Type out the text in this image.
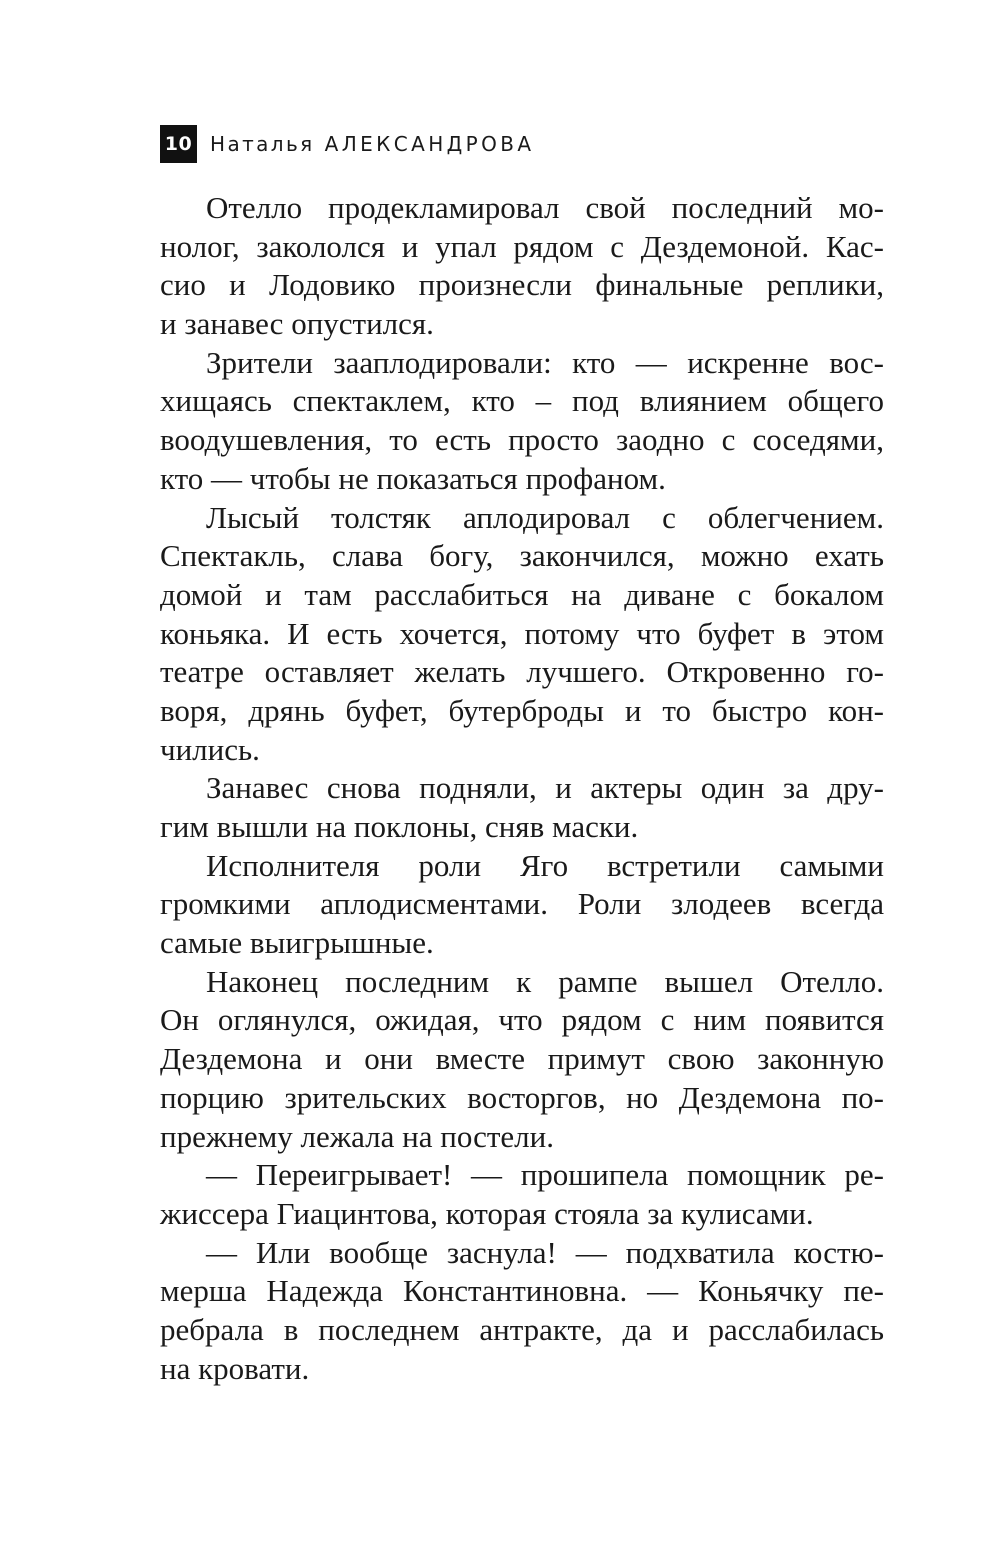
10 Наталья АЛЕКСАНДРОВА
Отелло продекламировал свой последний мо-
нолог, закололся и упал рядом с Дездемоной. Кас-
сио и Лодовико произнесли финальные реплики,
и занавес опустился.
Зрители зааплодировали: кто — искренне вос-
хищаясь спектаклем, кто – под влиянием общего
воодушевления, то есть просто заодно с соседями,
кто — чтобы не показаться профаном.
Лысый толстяк аплодировал с облегчением.
Спектакль, слава богу, закончился, можно ехать
домой и там расслабиться на диване с бокалом
коньяка. И есть хочется, потому что буфет в этом
театре оставляет желать лучшего. Откровенно го-
воря, дрянь буфет, бутерброды и то быстро кон-
чились.
Занавес снова подняли, и актеры один за дру-
гим вышли на поклоны, сняв маски.
Исполнителя роли Яго встретили самыми
громкими аплодисментами. Роли злодеев всегда
самые выигрышные.
Наконец последним к рампе вышел Отелло.
Он оглянулся, ожидая, что рядом с ним появится
Дездемона и они вместе примут свою законную
порцию зрительских восторгов, но Дездемона по-
прежнему лежала на постели.
— Переигрывает! — прошипела помощник ре-
жиссера Гиацинтова, которая стояла за кулисами.
— Или вообще заснула! — подхватила костю-
мерша Надежда Константиновна. — Коньячку пе-
ребрала в последнем антракте, да и расслабилась
на кровати.
